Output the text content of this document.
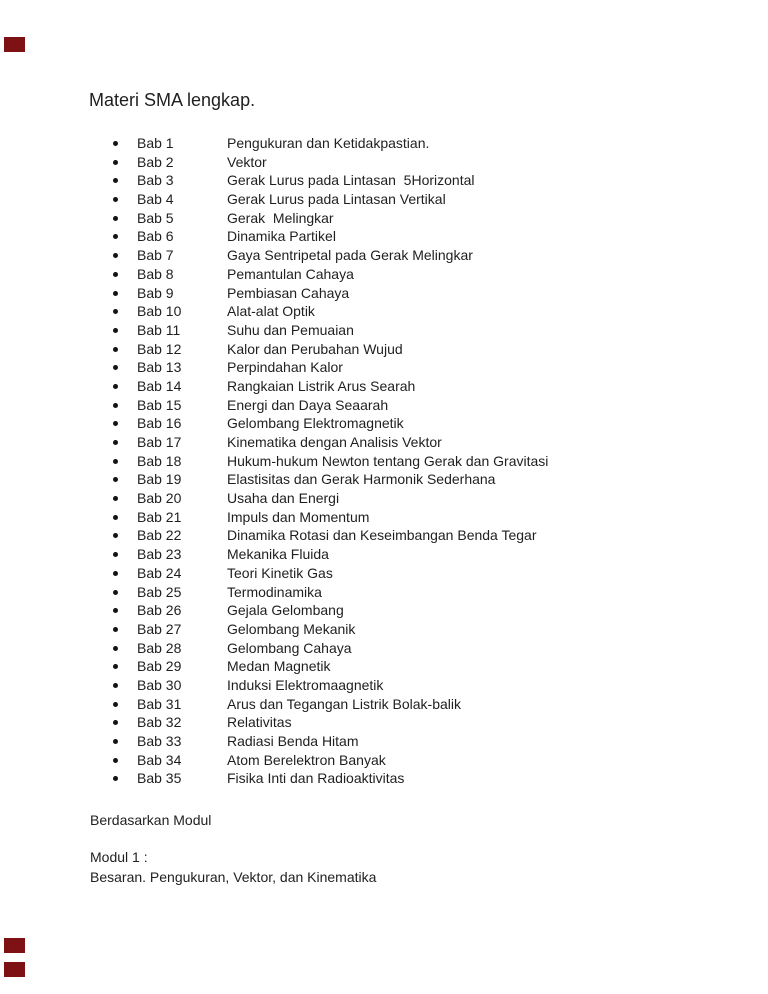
Materi SMA lengkap.
Bab 1	Pengukuran dan Ketidakpastian.
Bab 2	Vektor
Bab 3	Gerak Lurus pada Lintasan  5Horizontal
Bab 4	Gerak Lurus pada Lintasan Vertikal
Bab 5	Gerak  Melingkar
Bab 6	Dinamika Partikel
Bab 7	Gaya Sentripetal pada Gerak Melingkar
Bab 8	Pemantulan Cahaya
Bab 9	Pembiasan Cahaya
Bab 10	Alat-alat Optik
Bab 11	Suhu dan Pemuaian
Bab 12	Kalor dan Perubahan Wujud
Bab 13	Perpindahan Kalor
Bab 14	Rangkaian Listrik Arus Searah
Bab 15	Energi dan Daya Seaarah
Bab 16	Gelombang Elektromagnetik
Bab 17	Kinematika dengan Analisis Vektor
Bab 18	Hukum-hukum Newton tentang Gerak dan Gravitasi
Bab 19	Elastisitas dan Gerak Harmonik Sederhana
Bab 20	Usaha dan Energi
Bab 21	Impuls dan Momentum
Bab 22	Dinamika Rotasi dan Keseimbangan Benda Tegar
Bab 23	Mekanika Fluida
Bab 24	Teori Kinetik Gas
Bab 25	Termodinamika
Bab 26	Gejala Gelombang
Bab 27	Gelombang Mekanik
Bab 28	Gelombang Cahaya
Bab 29	Medan Magnetik
Bab 30	Induksi Elektromaagnetik
Bab 31	Arus dan Tegangan Listrik Bolak-balik
Bab 32	Relativitas
Bab 33	Radiasi Benda Hitam
Bab 34	Atom Berelektron Banyak
Bab 35	Fisika Inti dan Radioaktivitas

Berdasarkan Modul

Modul 1 :

Besaran. Pengukuran, Vektor, dan Kinematika
